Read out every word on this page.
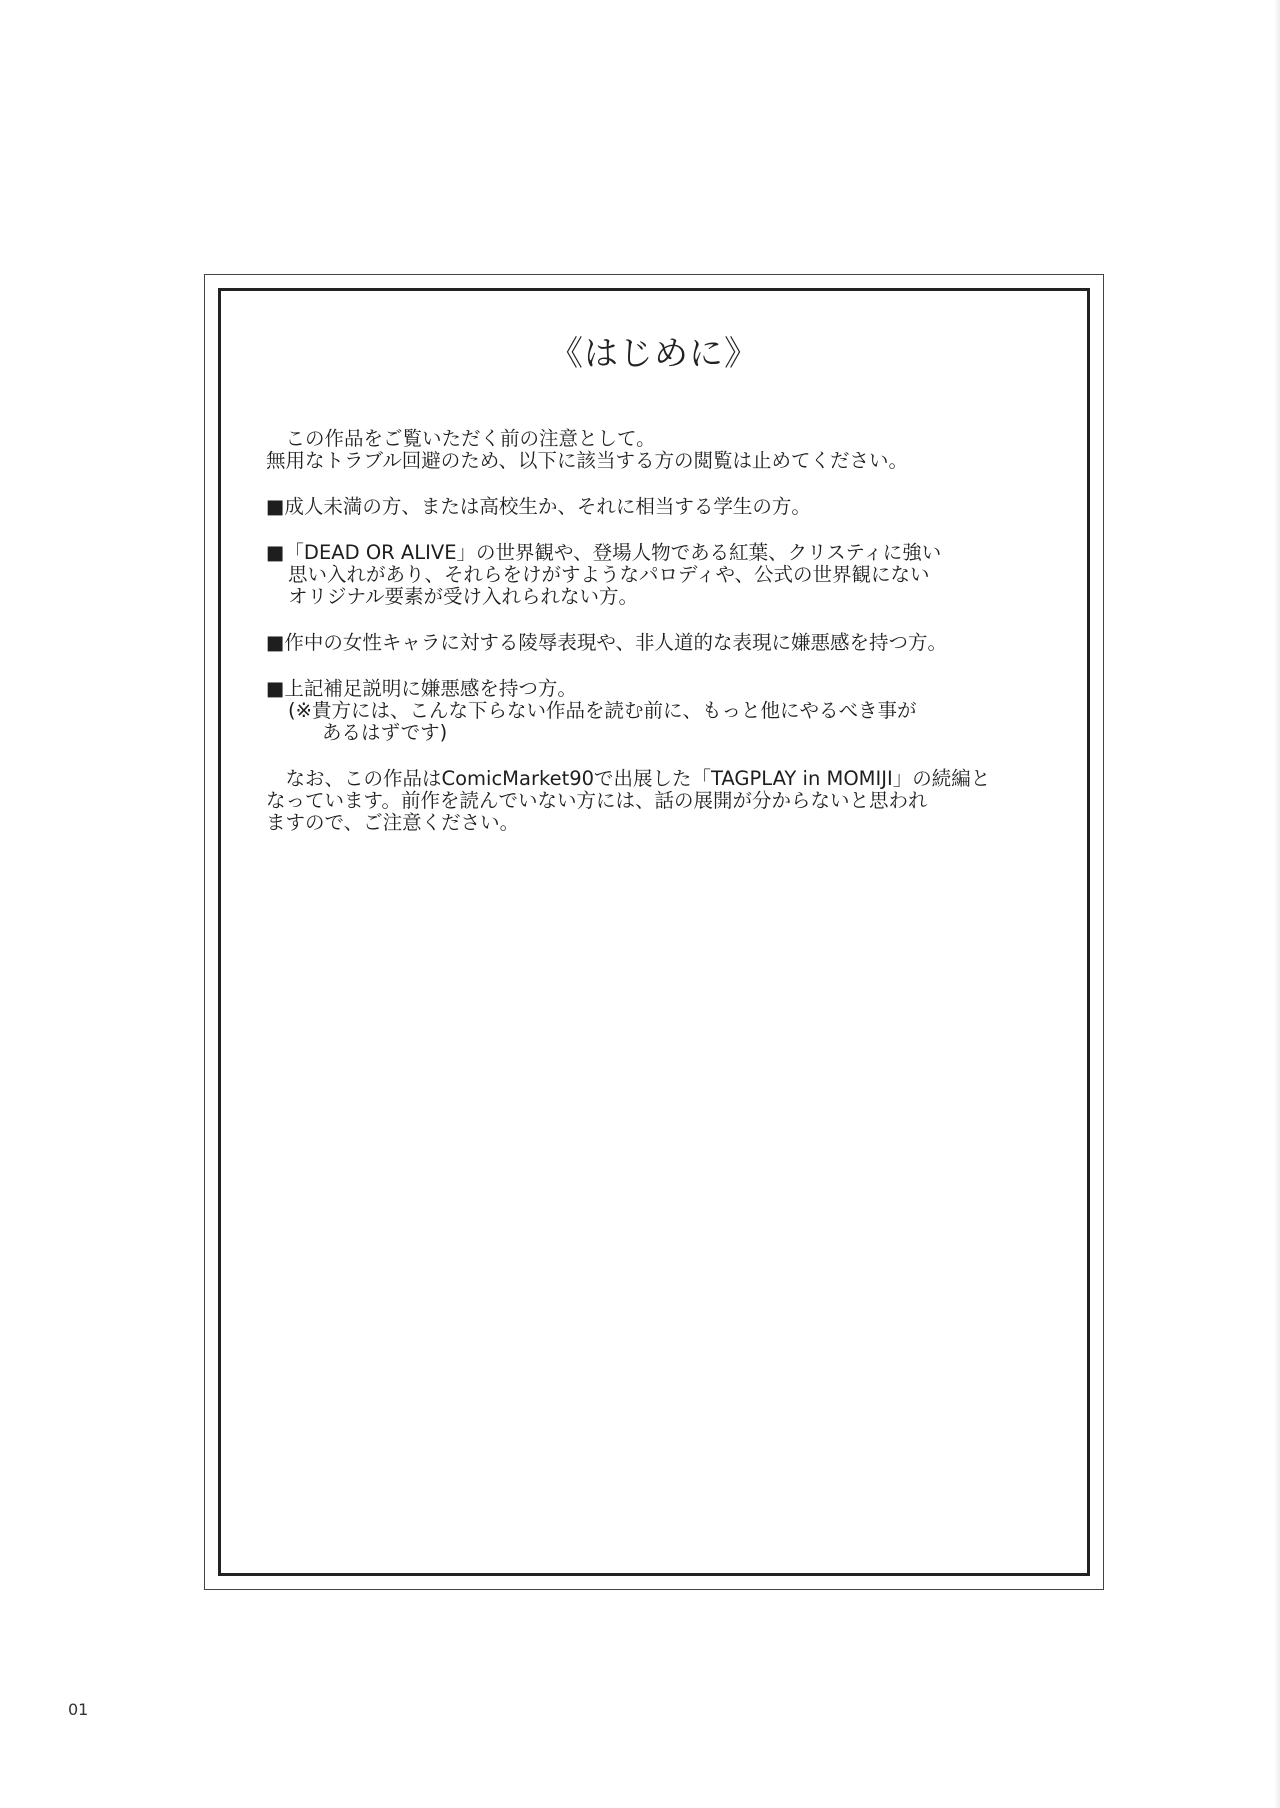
《はじめに》
　この作品をご覧いただく前の注意として。
無用なトラブル回避のため、以下に該当する方の閲覧は止めてください。
■成人未満の方、または高校生か、それに相当する学生の方。
■「DEAD OR ALIVE」の世界観や、登場人物である紅葉、クリスティに強い
思い入れがあり、それらをけがすようなパロディや、公式の世界観にない
オリジナル要素が受け入れられない方。
■作中の女性キャラに対する陵辱表現や、非人道的な表現に嫌悪感を持つ方。
■上記補足説明に嫌悪感を持つ方。
(※貴方には、こんな下らない作品を読む前に、もっと他にやるべき事が
あるはずです)
　なお、この作品はComicMarket90で出展した「TAGPLAY in MOMIJI」の続編と
なっています。前作を読んでいない方には、話の展開が分からないと思われ
ますので、ご注意ください。
01
